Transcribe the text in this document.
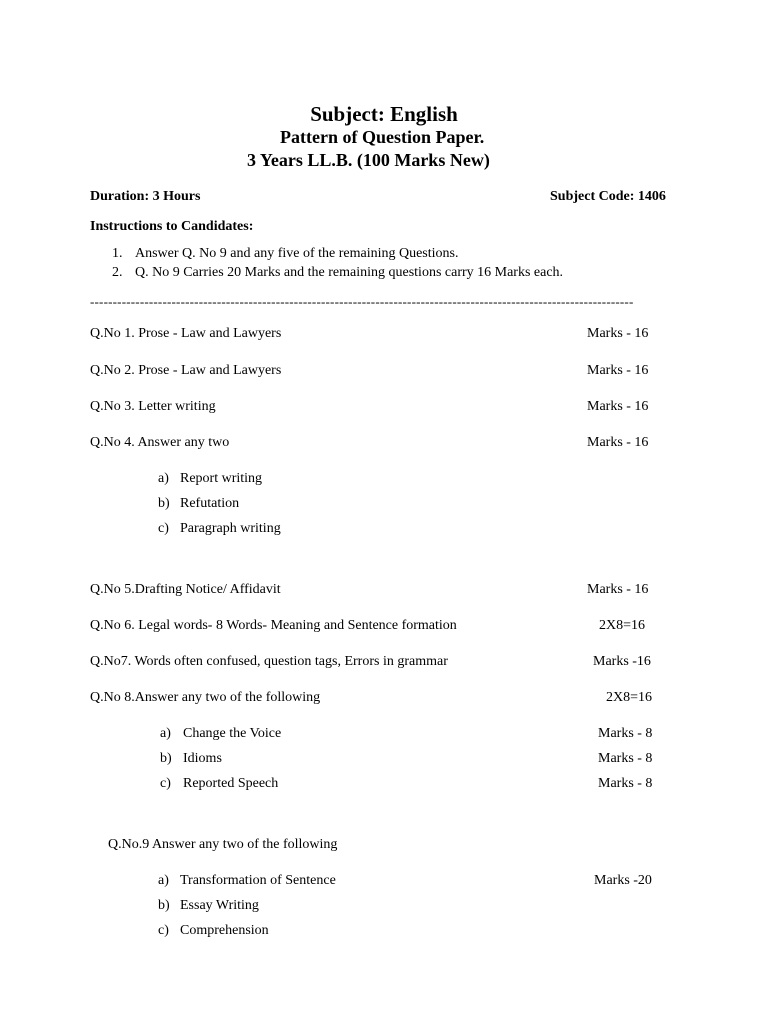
Subject: English
Pattern of Question Paper.
3 Years LL.B. (100 Marks New)
Duration: 3 Hours	Subject Code: 1406
Instructions to Candidates:
1. Answer Q. No 9 and any five of the remaining Questions.
2. Q. No 9 Carries 20 Marks and the remaining questions carry 16 Marks each.
------------------------------------------------------------------------------------------------------------------------
Q.No 1. Prose - Law and Lawyers	Marks - 16
Q.No 2. Prose - Law and Lawyers	Marks - 16
Q.No 3. Letter writing	Marks - 16
Q.No 4. Answer any two	Marks - 16
a) Report writing
b) Refutation
c) Paragraph writing
Q.No 5.Drafting Notice/ Affidavit	Marks - 16
Q.No 6. Legal words- 8 Words- Meaning and Sentence formation	2X8=16
Q.No7. Words often confused, question tags, Errors in grammar	Marks -16
Q.No 8.Answer any two of the following	2X8=16
a) Change the Voice	Marks - 8
b) Idioms	Marks - 8
c) Reported Speech	Marks - 8
Q.No.9 Answer any two of the following
a) Transformation of Sentence	Marks -20
b) Essay Writing
c) Comprehension
